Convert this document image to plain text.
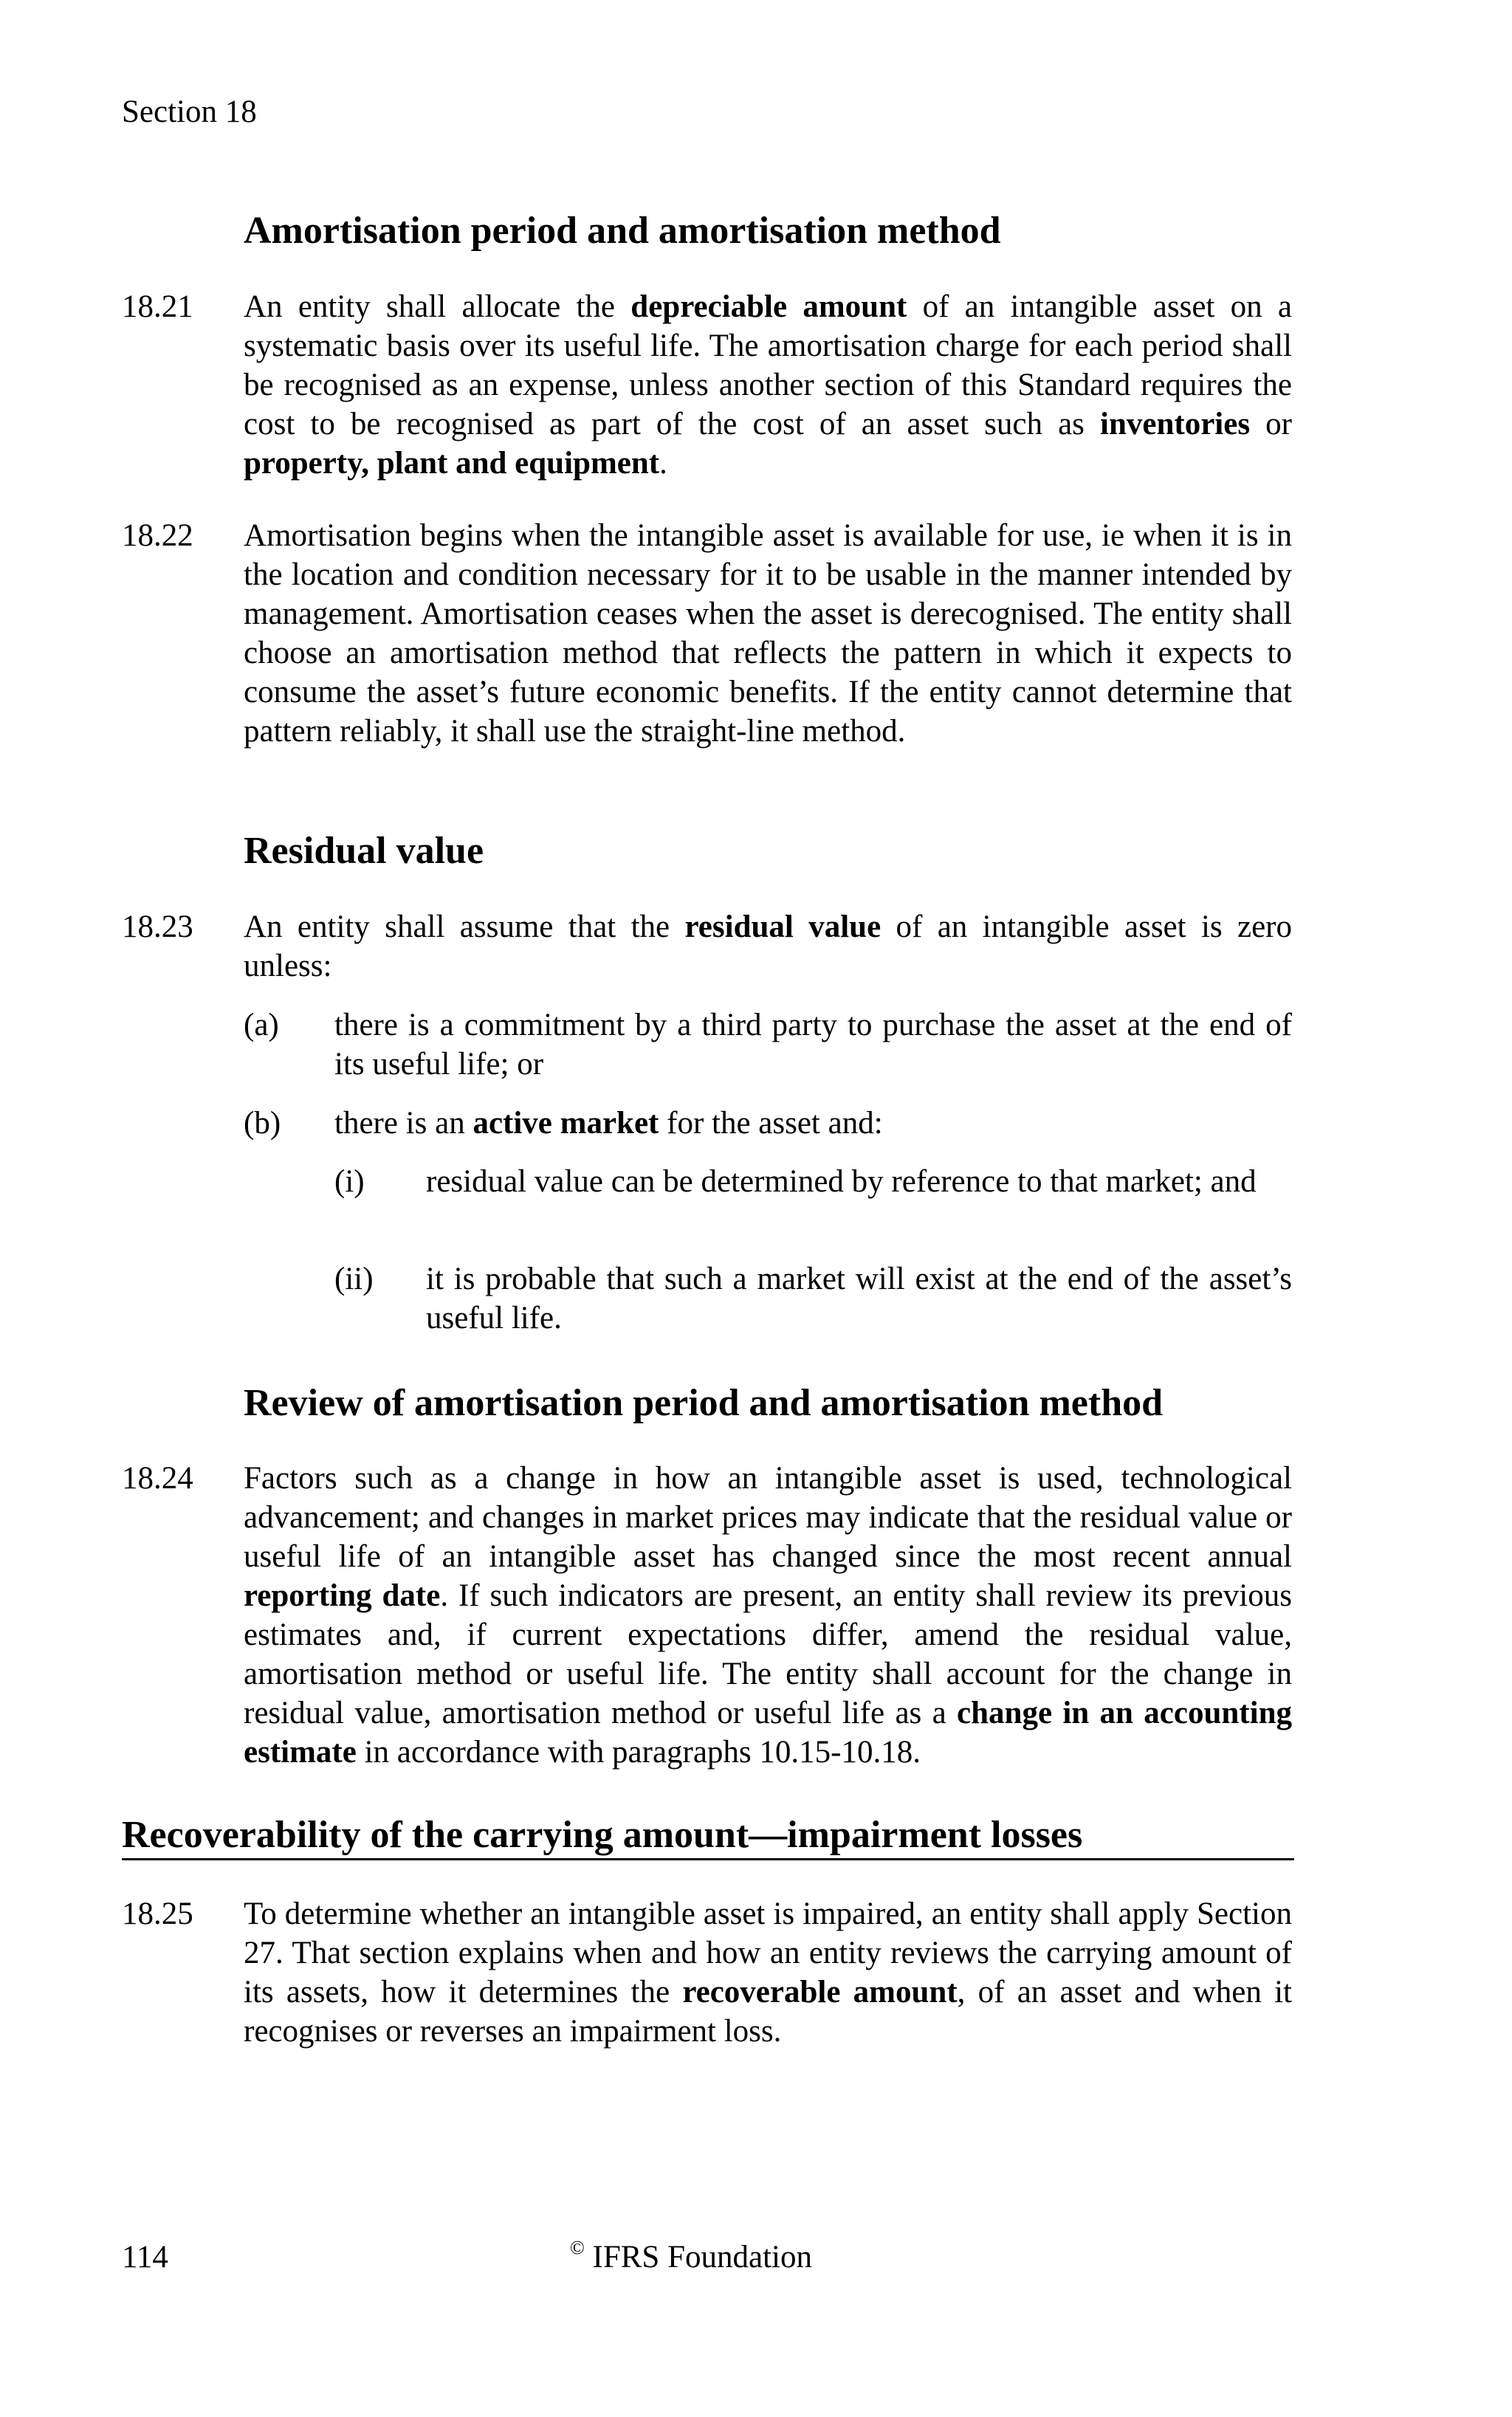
Section 18
Amortisation period and amortisation method
18.21 An entity shall allocate the depreciable amount of an intangible asset on a systematic basis over its useful life. The amortisation charge for each period shall be recognised as an expense, unless another section of this Standard requires the cost to be recognised as part of the cost of an asset such as inventories or property, plant and equipment.
18.22 Amortisation begins when the intangible asset is available for use, ie when it is in the location and condition necessary for it to be usable in the manner intended by management. Amortisation ceases when the asset is derecognised. The entity shall choose an amortisation method that reflects the pattern in which it expects to consume the asset’s future economic benefits. If the entity cannot determine that pattern reliably, it shall use the straight-line method.
Residual value
18.23 An entity shall assume that the residual value of an intangible asset is zero unless:
(a) there is a commitment by a third party to purchase the asset at the end of its useful life; or
(b) there is an active market for the asset and:
(i) residual value can be determined by reference to that market; and
(ii) it is probable that such a market will exist at the end of the asset’s useful life.
Review of amortisation period and amortisation method
18.24 Factors such as a change in how an intangible asset is used, technological advancement; and changes in market prices may indicate that the residual value or useful life of an intangible asset has changed since the most recent annual reporting date. If such indicators are present, an entity shall review its previous estimates and, if current expectations differ, amend the residual value, amortisation method or useful life. The entity shall account for the change in residual value, amortisation method or useful life as a change in an accounting estimate in accordance with paragraphs 10.15-10.18.
Recoverability of the carrying amount—impairment losses
18.25 To determine whether an intangible asset is impaired, an entity shall apply Section 27. That section explains when and how an entity reviews the carrying amount of its assets, how it determines the recoverable amount, of an asset and when it recognises or reverses an impairment loss.
114	© IFRS Foundation
